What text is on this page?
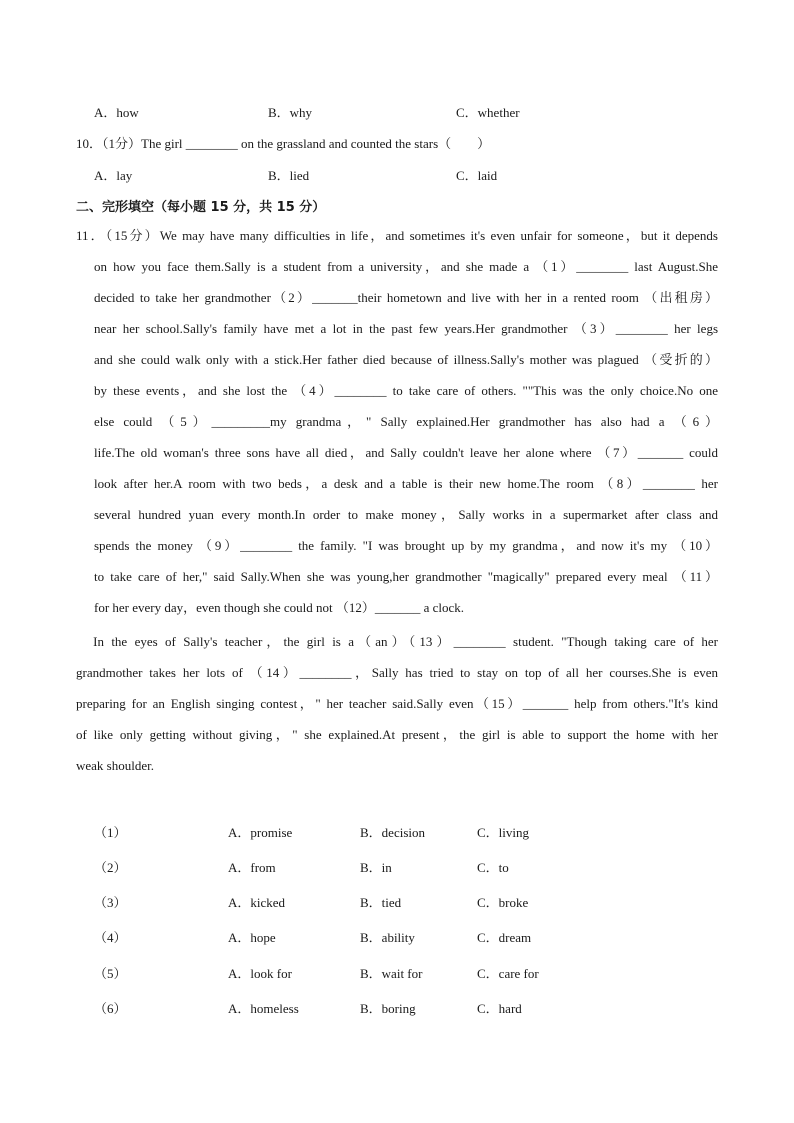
A．how	B．why	C．whether
10．（1分）The girl ________ on the grassland and counted the stars（　　）
A．lay	B．lied	C．laid
二、完形填空（每小题 15 分，共 15 分）
11．（15分）We may have many difficulties in life，and sometimes it's even unfair for someone，but it depends
on how you face them.Sally is a student from a university，and she made a （1）________ last August.She
decided to take her grandmother（2）_______their hometown and live with her in a rented room （出租房）
near her school.Sally's family have met a lot in the past few years.Her grandmother （3）________ her legs
and she could walk only with a stick.Her father died because of illness.Sally's mother was plagued （受折的）
by these events，and she lost the （4）________ to take care of others. ""This was the only choice.No one
else could （5）_________my grandma，" Sally explained.Her grandmother has also had a （6）
life.The old woman's three sons have all died，and Sally couldn't leave her alone where （7）_______ could
look after her.A room with two beds，a desk and a table is their new home.The room （8）________ her
several hundred yuan every month.In order to make money，Sally works in a supermarket after class and
spends the money （9）________ the family. "I was brought up by my grandma，and now it's my （10）
to take care of her," said Sally.When she was young,her grandmother "magically" prepared every meal （11）
for her every day，even though she could not （12）_______ a clock.
　In the eyes of Sally's teacher，the girl is a（an）（13）________ student. "Though taking care of her
grandmother takes her lots of （14）________，Sally has tried to stay on top of all her courses.She is even
preparing for an English singing contest，" her teacher said.Sally even（15）_______ help from others."It's kind
of like only getting without giving，" she explained.At present，the girl is able to support the home with her
weak shoulder.
（1）	A．promise	B．decision	C．living
（2）	A．from	B．in	C．to
（3）	A．kicked	B．tied	C．broke
（4）	A．hope	B．ability	C．dream
（5）	A．look for	B．wait for	C．care for
（6）	A．homeless	B．boring	C．hard
